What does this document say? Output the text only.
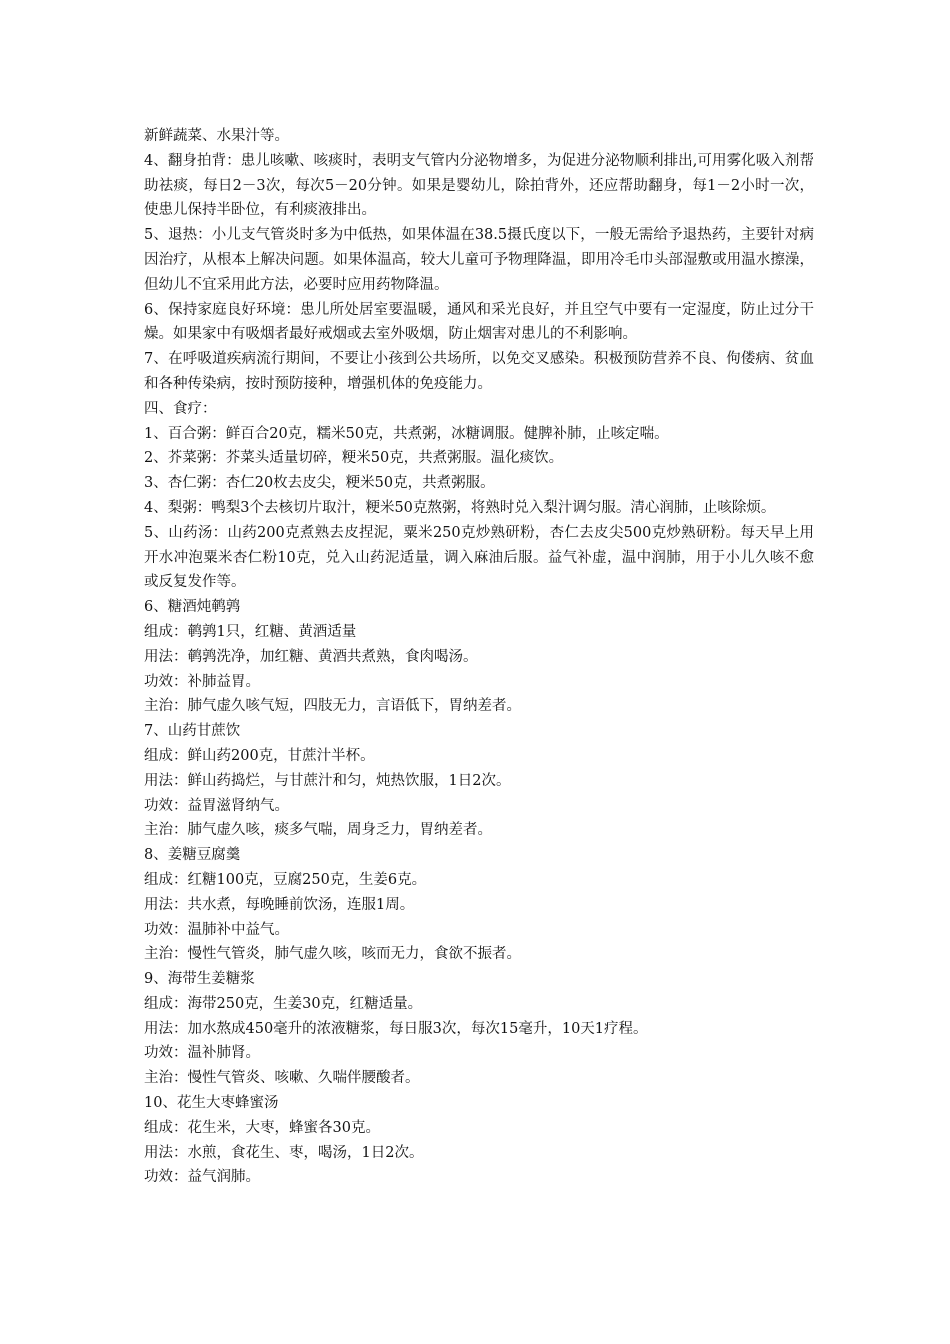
新鲜蔬菜、水果汁等。

4、翻身拍背：患儿咳嗽、咳痰时，表明支气管内分泌物增多，为促进分泌物顺利排出,可用雾化吸入剂帮助祛痰，每日2－3次，每次5－20分钟。如果是婴幼儿，除拍背外，还应帮助翻身，每1－2小时一次，使患儿保持半卧位，有利痰液排出。

5、退热：小儿支气管炎时多为中低热，如果体温在38.5摄氏度以下，一般无需给予退热药，主要针对病因治疗，从根本上解决问题。如果体温高，较大儿童可予物理降温，即用冷毛巾头部湿敷或用温水擦澡，但幼儿不宜采用此方法，必要时应用药物降温。

6、保持家庭良好环境：患儿所处居室要温暖，通风和采光良好，并且空气中要有一定湿度，防止过分干燥。如果家中有吸烟者最好戒烟或去室外吸烟，防止烟害对患儿的不利影响。

7、在呼吸道疾病流行期间，不要让小孩到公共场所，以免交叉感染。积极预防营养不良、佝偻病、贫血和各种传染病，按时预防接种，增强机体的免疫能力。

四、食疗：

1、百合粥：鲜百合20克，糯米50克，共煮粥，冰糖调服。健脾补肺，止咳定喘。

2、芥菜粥：芥菜头适量切碎，粳米50克，共煮粥服。温化痰饮。

3、杏仁粥：杏仁20枚去皮尖，粳米50克，共煮粥服。

4、梨粥：鸭梨3个去核切片取汁，粳米50克熬粥，将熟时兑入梨汁调匀服。清心润肺，止咳除烦。

5、山药汤：山药200克煮熟去皮捏泥，粟米250克炒熟研粉，杏仁去皮尖500克炒熟研粉。每天早上用开水冲泡粟米杏仁粉10克，兑入山药泥适量，调入麻油后服。益气补虚，温中润肺，用于小儿久咳不愈或反复发作等。

6、糖酒炖鹌鹑

组成：鹌鹑1只，红糖、黄酒适量

用法：鹌鹑洗净，加红糖、黄酒共煮熟，食肉喝汤。

功效：补肺益胃。

主治：肺气虚久咳气短，四肢无力，言语低下，胃纳差者。

7、山药甘蔗饮

组成：鲜山药200克，甘蔗汁半杯。

用法：鲜山药捣烂，与甘蔗汁和匀，炖热饮服，1日2次。

功效：益胃滋肾纳气。

主治：肺气虚久咳，痰多气喘，周身乏力，胃纳差者。

8、姜糖豆腐羹

组成：红糖100克，豆腐250克，生姜6克。

用法：共水煮，每晚睡前饮汤，连服1周。

功效：温肺补中益气。

主治：慢性气管炎，肺气虚久咳，咳而无力，食欲不振者。

9、海带生姜糖浆

组成：海带250克，生姜30克，红糖适量。

用法：加水熬成450毫升的浓液糖浆，每日服3次，每次15毫升，10天1疗程。

功效：温补肺肾。

主治：慢性气管炎、咳嗽、久喘伴腰酸者。

10、花生大枣蜂蜜汤

组成：花生米，大枣，蜂蜜各30克。

用法：水煎，食花生、枣，喝汤，1日2次。

功效：益气润肺。
